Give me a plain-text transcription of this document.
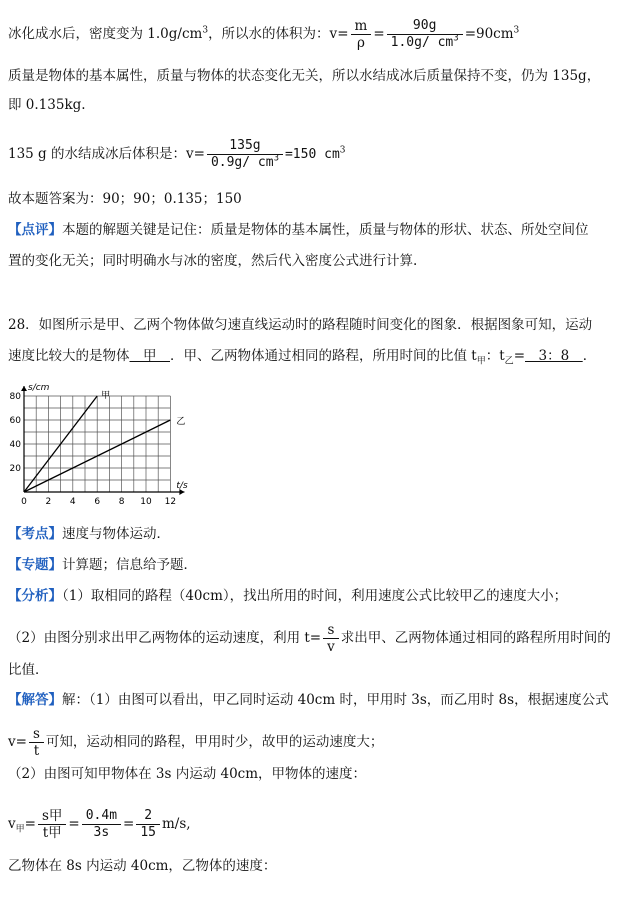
冰化成水后，密度变为 $1.0g/cm^3$，所以水的体积为：$v= \frac{m}{\rho} = \frac{90g}{1.0g/ cm^3} =90cm^3$
质量是物体的基本属性，质量与物体的状态变化无关，所以水结成冰后质量保持不变，仍为 135g，
即 0.135kg.
135 g 的水结成冰后体积是：$v= \frac{135g}{0.9g/ cm^3} =150$ $cm^3$
故本题答案为：90；90；0.135；150
【点评】本题的解题关键是记住：质量是物体的基本属性，质量与物体的形状、状态、所处空间位
置的变化无关；同时明确水与冰的密度，然后代入密度公式进行计算.
28．如图所示是甲、乙两个物体做匀速直线运动时的路程随时间变化的图象．根据图象可知，运动
速度比较大的是物体　甲　．甲、乙两物体通过相同的路程，所用时间的比值 $t_甲$：$t_乙=$　3：8　．
0 2 4 6 8 10 12
20
40
60
80
s/cm
t/s
甲
乙
【考点】速度与物体运动．
【专题】计算题；信息给予题．
【分析】（1）取相同的路程（40cm），找出所用的时间，利用速度公式比较甲乙的速度大小；
（2）由图分别求出甲乙两物体的运动速度，利用 $t= \frac{s}{v}$ 求出甲、乙两物体通过相同的路程所用时间的
比值．
【解答】解：（1）由图可以看出，甲乙同时运动 40cm 时，甲用时 3s，而乙用时 8s，根据速度公式
$v= \frac{s}{t}$ 可知，运动相同的路程，甲用时少，故甲的运动速度大；
（2）由图可知甲物体在 3s 内运动 40cm，甲物体的速度：
$v_甲= \frac{\text{s甲}}{\text{t甲}} = \frac{0.4m}{3s} = \frac{2}{15} m/s$,
乙物体在 8s 内运动 40cm，乙物体的速度：
